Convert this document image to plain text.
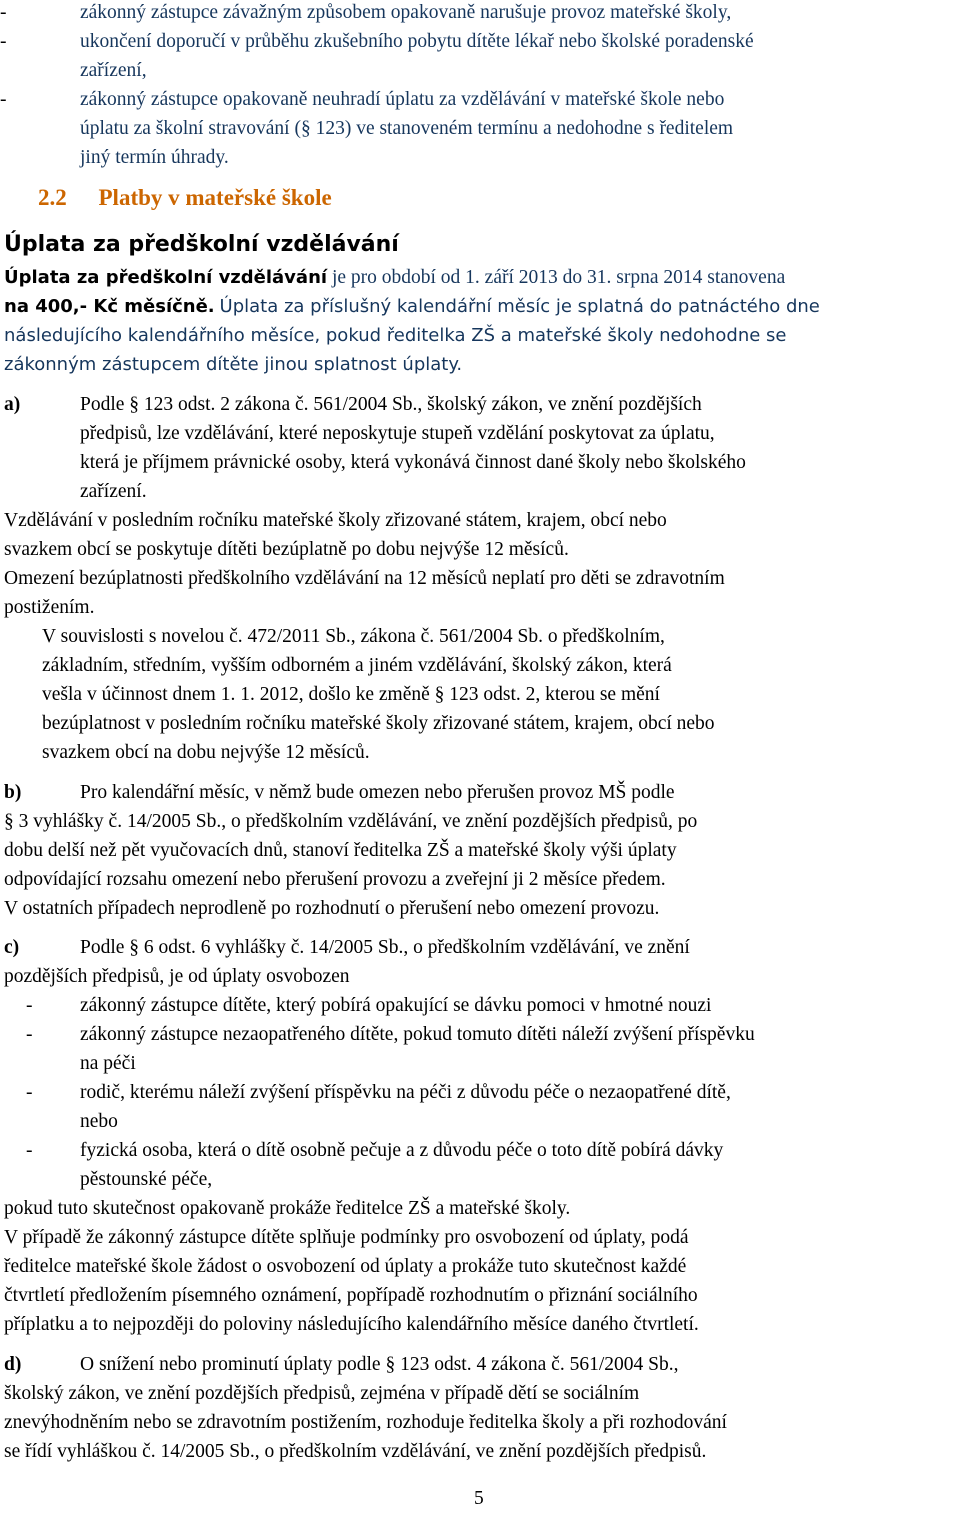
-	zákonný zástupce závažným způsobem opakovaně narušuje provoz mateřské školy,
-	ukončení doporučí v průběhu zkušebního pobytu dítěte lékař nebo školské poradenské
zařízení,
-	zákonný zástupce opakovaně neuhradí úplatu za vzdělávání v mateřské škole nebo
úplatu za školní stravování (§ 123) ve stanoveném termínu a nedohodne s ředitelem
jiný termín úhrady.
2.2 Platby v mateřské škole
Úplata za předškolní vzdělávání
Úplata za předškolní vzdělávání je pro období od 1. září 2013 do 31. srpna 2014 stanovena
na 400,- Kč měsíčně. Úplata za příslušný kalendářní měsíc je splatná do patnáctého dne
následujícího kalendářního měsíce, pokud ředitelka ZŠ a mateřské školy nedohodne se
zákonným zástupcem dítěte jinou splatnost úplaty.
a)	Podle § 123 odst. 2 zákona č. 561/2004 Sb., školský zákon, ve znění pozdějších
předpisů, lze vzdělávání, které neposkytuje stupeň vzdělání poskytovat za úplatu,
která je příjmem právnické osoby, která vykonává činnost dané školy nebo školského
zařízení.
Vzdělávání v posledním ročníku mateřské školy zřizované státem, krajem, obcí nebo
svazkem obcí se poskytuje dítěti bezúplatně po dobu nejvýše 12 měsíců.
Omezení bezúplatnosti předškolního vzdělávání na 12 měsíců neplatí pro děti se zdravotním
postižením.
V souvislosti s novelou č. 472/2011 Sb., zákona č. 561/2004 Sb. o předškolním,
základním, středním, vyšším odborném a jiném vzdělávání, školský zákon, která
vešla v účinnost dnem 1. 1. 2012, došlo ke změně § 123 odst. 2, kterou se mění
bezúplatnost v posledním ročníku mateřské školy zřizované státem, krajem, obcí nebo
svazkem obcí na dobu nejvýše 12 měsíců.
b)	Pro kalendářní měsíc, v němž bude omezen nebo přerušen provoz MŠ podle
§ 3 vyhlášky č. 14/2005 Sb., o předškolním vzdělávání, ve znění pozdějších předpisů, po
dobu delší než pět vyučovacích dnů, stanoví ředitelka ZŠ a mateřské školy výši úplaty
odpovídající rozsahu omezení nebo přerušení provozu a zveřejní ji 2 měsíce předem.
V ostatních případech neprodleně po rozhodnutí o přerušení nebo omezení provozu.
c)	Podle § 6 odst. 6 vyhlášky č. 14/2005 Sb., o předškolním vzdělávání, ve znění
pozdějších předpisů, je od úplaty osvobozen
- zákonný zástupce dítěte, který pobírá opakující se dávku pomoci v hmotné nouzi
- zákonný zástupce nezaopatřeného dítěte, pokud tomuto dítěti náleží zvýšení příspěvku
na péči
- rodič, kterému náleží zvýšení příspěvku na péči z důvodu péče o nezaopatřené dítě,
nebo
- fyzická osoba, která o dítě osobně pečuje a z důvodu péče o toto dítě pobírá dávky
pěstounské péče,
pokud tuto skutečnost opakovaně prokáže ředitelce ZŠ a mateřské školy.
V případě že zákonný zástupce dítěte splňuje podmínky pro osvobození od úplaty, podá
ředitelce mateřské škole žádost o osvobození od úplaty a prokáže tuto skutečnost každé
čtvrtletí předložením písemného oznámení, popřípadě rozhodnutím o přiznání sociálního
příplatku a to nejpozději do poloviny následujícího kalendářního měsíce daného čtvrtletí.
d)	O snížení nebo prominutí úplaty podle § 123 odst. 4 zákona č. 561/2004 Sb.,
školský zákon, ve znění pozdějších předpisů, zejména v případě dětí se sociálním
znevýhodněním nebo se zdravotním postižením, rozhoduje ředitelka školy a při rozhodování
se řídí vyhláškou č. 14/2005 Sb., o předškolním vzdělávání, ve znění pozdějších předpisů.
5
